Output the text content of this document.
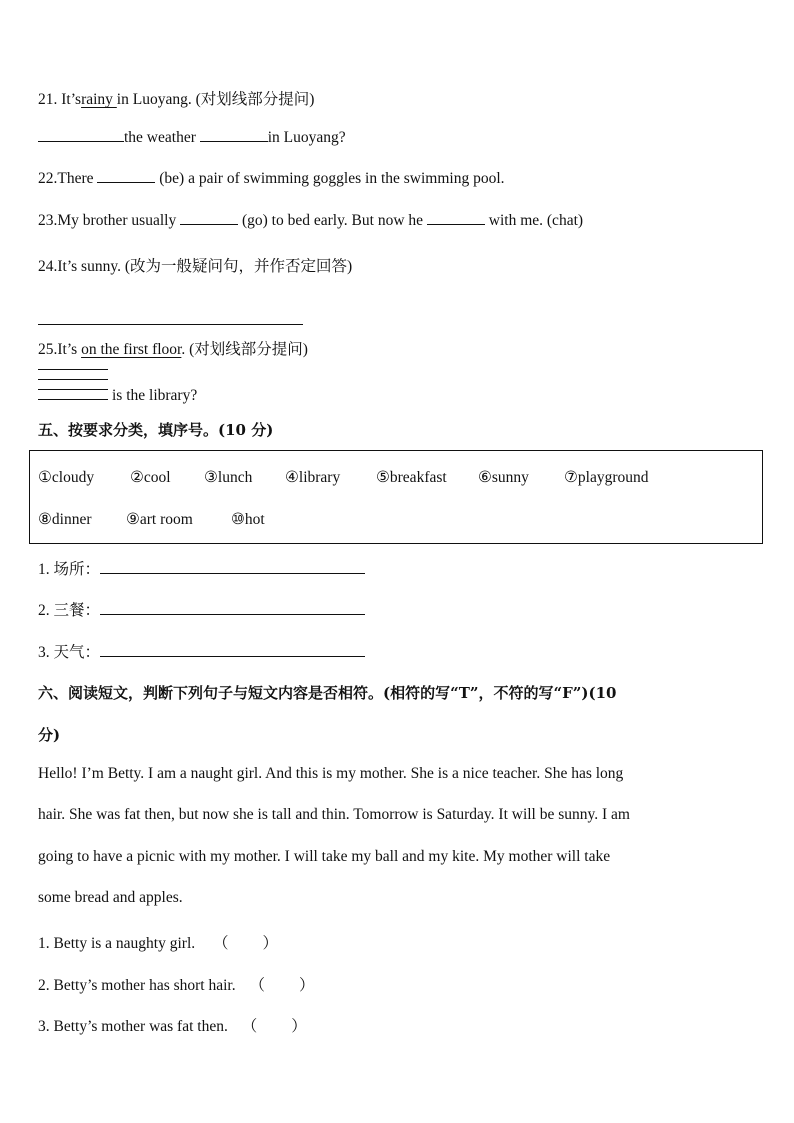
21. It’srainy in Luoyang. (对划线部分提问)
the weather	in Luoyang?
22.There	(be) a pair of swimming goggles in the swimming pool.
23.My brother usually	(go) to bed early. But now he	with me. (chat)
24.It’s sunny. (改为一般疑问句，并作否定回答)
25.It’s on the first floor. (对划线部分提问)
is the library?
五、按要求分类，填序号。(10 分)
①cloudy ②cool ③lunch ④library ⑤breakfast ⑥sunny ⑦playground
⑧dinner ⑨art room ⑩hot
1. 场所：
2. 三餐：
3. 天气：
六、阅读短文，判断下列句子与短文内容是否相符。(相符的写“T”，不符的写“F”)(10
分)
Hello! I’m Betty. I am a naught girl. And this is my mother. She is a nice teacher. She has long
hair. She was fat then, but now she is tall and thin. Tomorrow is Saturday. It will be sunny. I am
going to have a picnic with my mother. I will take my ball and my kite. My mother will take
some bread and apples.
1. Betty is a naughty girl. （ ）
2. Betty’s mother has short hair. （ ）
3. Betty’s mother was fat then. （ ）
